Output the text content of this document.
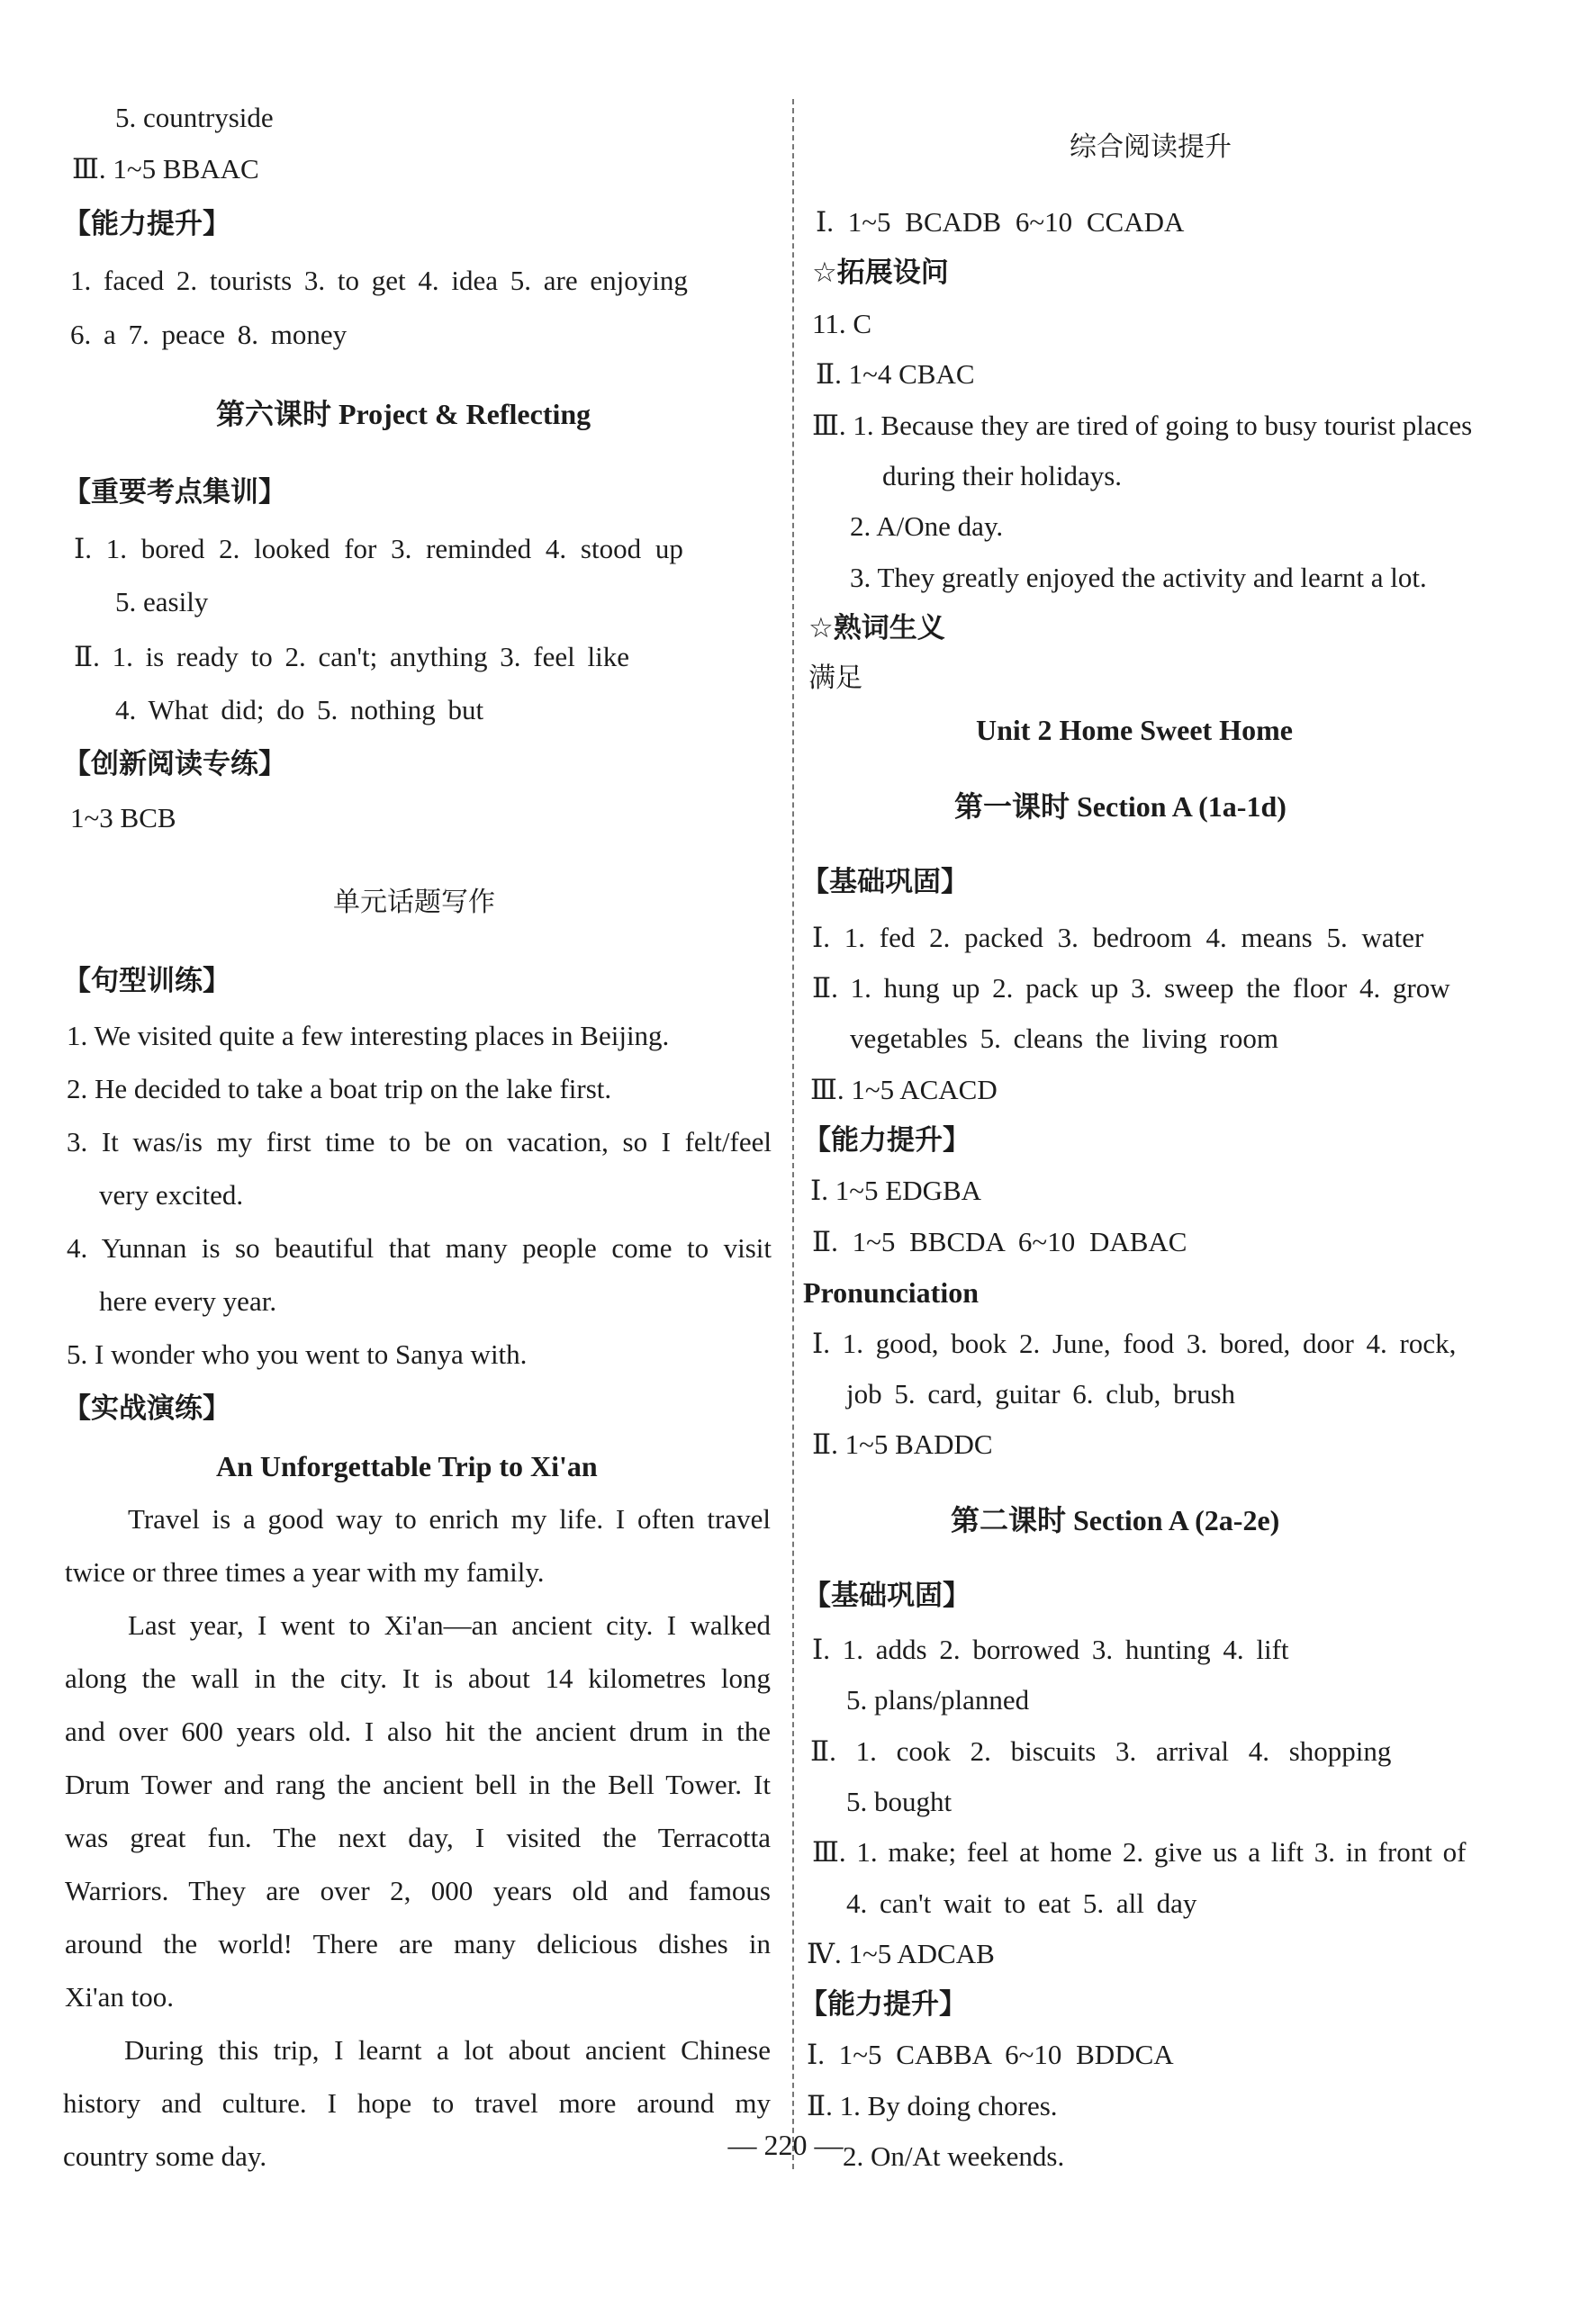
5. countryside
Ⅲ. 1~5 BBAAC
【能力提升】
1. faced 2. tourists 3. to get 4. idea 5. are enjoying
6. a 7. peace 8. money
第六课时 Project & Reflecting
【重要考点集训】
Ⅰ. 1. bored 2. looked for 3. reminded 4. stood up
5. easily
Ⅱ. 1. is ready to 2. can't; anything 3. feel like
4. What did; do 5. nothing but
【创新阅读专练】
1~3 BCB
单元话题写作
【句型训练】
1. We visited quite a few interesting places in Beijing.
2. He decided to take a boat trip on the lake first.
3. It was/is my first time to be on vacation, so I felt/feel
very excited.
4. Yunnan is so beautiful that many people come to visit
here every year.
5. I wonder who you went to Sanya with.
【实战演练】
An Unforgettable Trip to Xi'an
Travel is a good way to enrich my life. I often travel
twice or three times a year with my family.
Last year, I went to Xi'an—an ancient city. I walked
along the wall in the city. It is about 14 kilometres long
and over 600 years old. I also hit the ancient drum in the
Drum Tower and rang the ancient bell in the Bell Tower. It
was great fun. The next day, I visited the Terracotta
Warriors. They are over 2, 000 years old and famous
around the world! There are many delicious dishes in
Xi'an too.
During this trip, I learnt a lot about ancient Chinese
history and culture. I hope to travel more around my
country some day.
综合阅读提升
Ⅰ. 1~5 BCADB 6~10 CCADA
☆拓展设问
11. C
Ⅱ. 1~4 CBAC
Ⅲ. 1. Because they are tired of going to busy tourist places
during their holidays.
2. A/One day.
3. They greatly enjoyed the activity and learnt a lot.
☆熟词生义
满足
Unit 2 Home Sweet Home
第一课时 Section A (1a-1d)
【基础巩固】
Ⅰ. 1. fed 2. packed 3. bedroom 4. means 5. water
Ⅱ. 1. hung up 2. pack up 3. sweep the floor 4. grow
vegetables 5. cleans the living room
Ⅲ. 1~5 ACACD
【能力提升】
Ⅰ. 1~5 EDGBA
Ⅱ. 1~5 BBCDA 6~10 DABAC
Pronunciation
Ⅰ. 1. good, book 2. June, food 3. bored, door 4. rock,
job 5. card, guitar 6. club, brush
Ⅱ. 1~5 BADDC
第二课时 Section A (2a-2e)
【基础巩固】
Ⅰ. 1. adds 2. borrowed 3. hunting 4. lift
5. plans/planned
Ⅱ. 1. cook 2. biscuits 3. arrival 4. shopping
5. bought
Ⅲ. 1. make; feel at home 2. give us a lift 3. in front of
4. can't wait to eat 5. all day
Ⅳ. 1~5 ADCAB
【能力提升】
Ⅰ. 1~5 CABBA 6~10 BDDCA
Ⅱ. 1. By doing chores.
2. On/At weekends.
— 220 —
